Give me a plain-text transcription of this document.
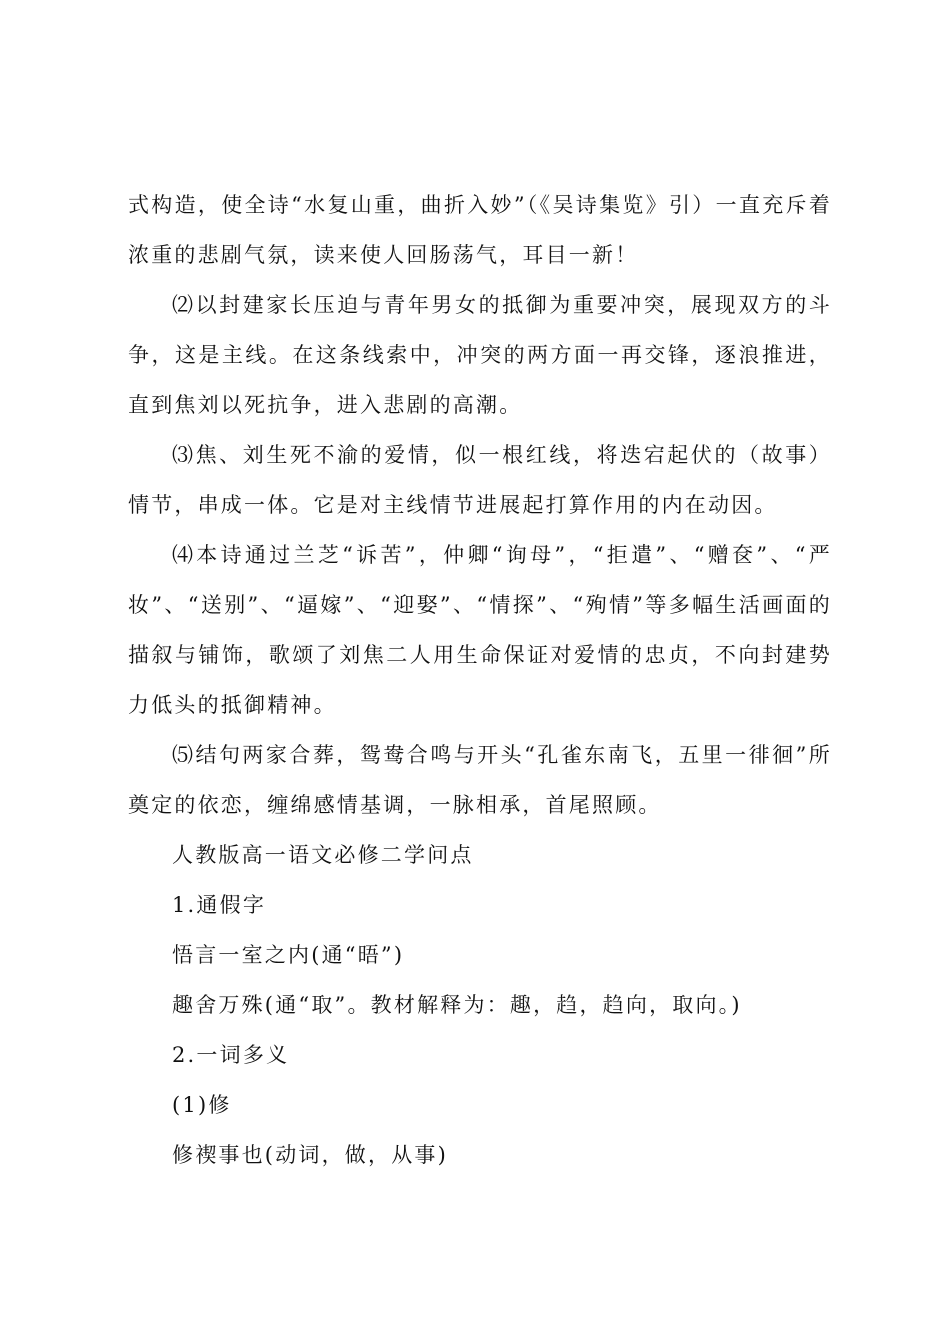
式构造，使全诗“水复山重，曲折入妙”（《吴诗集览》引）一直充斥着浓重的悲剧气氛，读来使人回肠荡气，耳目一新！

⑵以封建家长压迫与青年男女的抵御为重要冲突，展现双方的斗争，这是主线。在这条线索中，冲突的两方面一再交锋，逐浪推进，直到焦刘以死抗争，进入悲剧的高潮。

⑶焦、刘生死不渝的爱情，似一根红线，将迭宕起伏的（故事）情节，串成一体。它是对主线情节进展起打算作用的内在动因。

⑷本诗通过兰芝“诉苦”，仲卿“询母”，“拒遣”、“赠奁”、“严妆”、“送别”、“逼嫁”、“迎娶”、“情探”、“殉情”等多幅生活画面的描叙与铺饰，歌颂了刘焦二人用生命保证对爱情的忠贞，不向封建势力低头的抵御精神。

⑸结句两家合葬，鸳鸯合鸣与开头“孔雀东南飞，五里一徘徊”所奠定的依恋，缠绵感情基调，一脉相承，首尾照顾。

人教版高一语文必修二学问点

1.通假字

悟言一室之内(通“晤”)

趣舍万殊(通“取”。教材解释为：趣，趋，趋向，取向。)

2.一词多义

(1)修

修禊事也(动词，做，从事)
